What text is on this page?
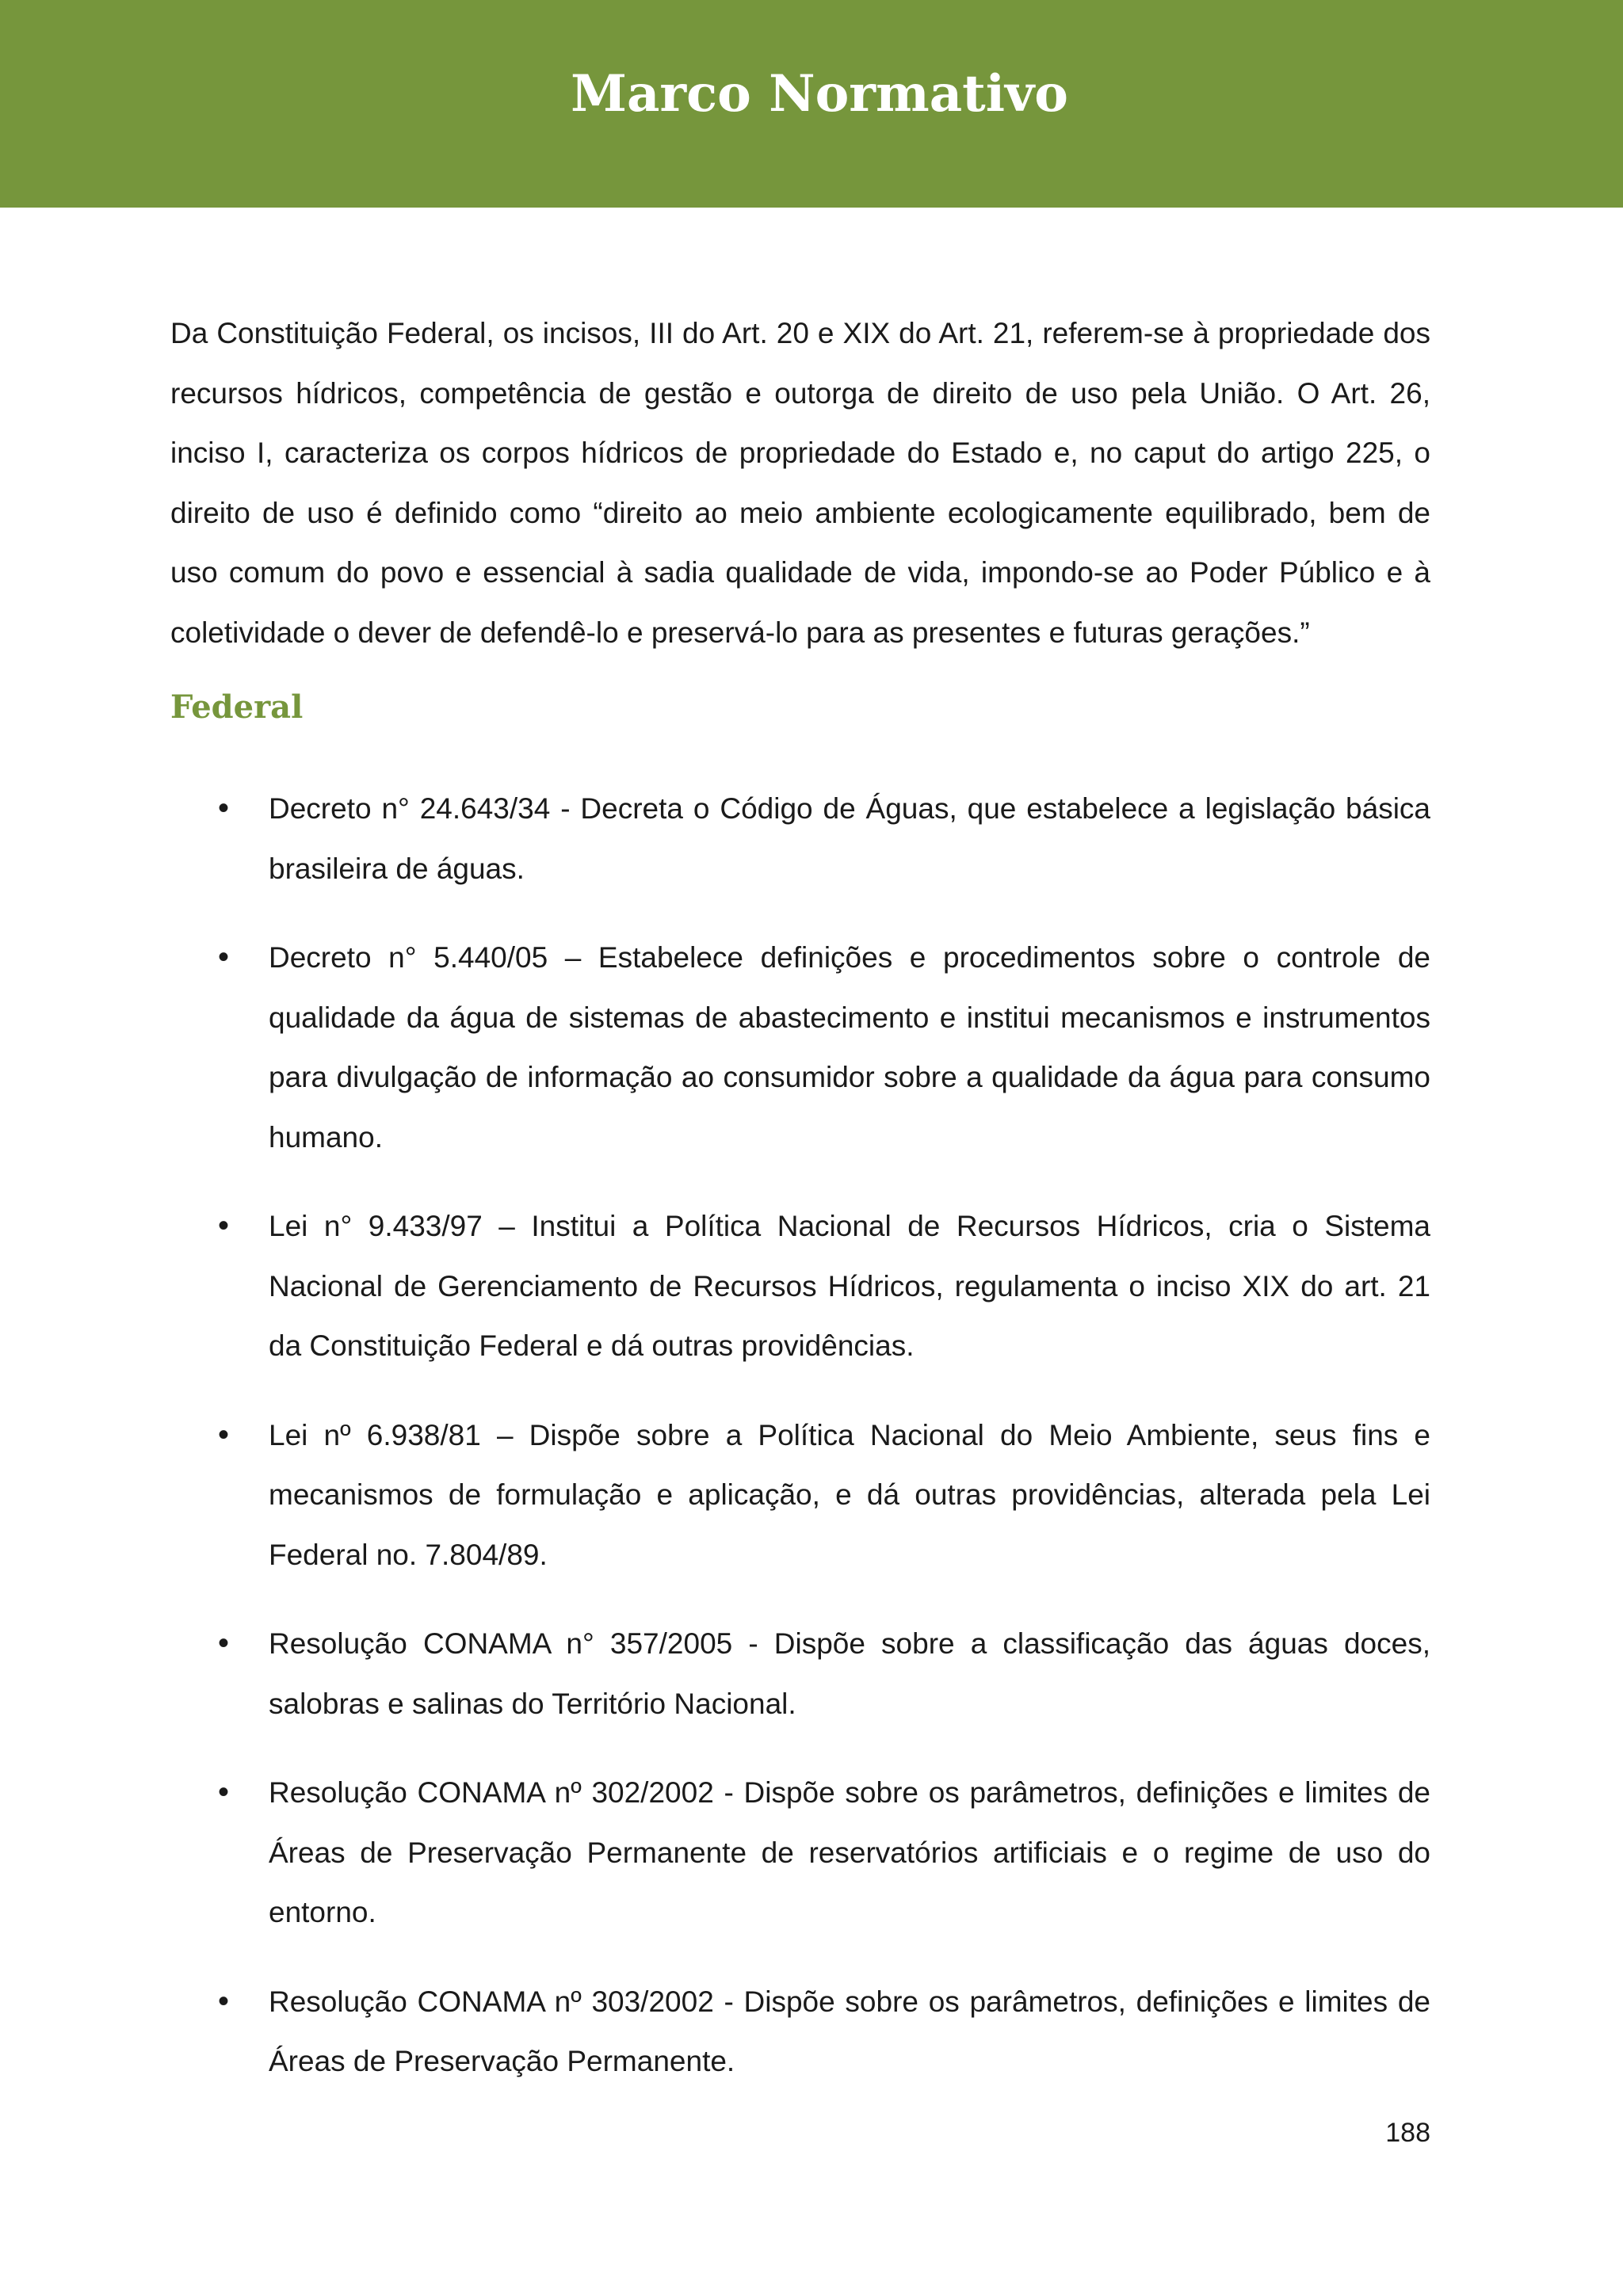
Marco Normativo

Da Constituição Federal, os incisos, III do Art. 20 e XIX do Art. 21, referem-se à propriedade dos recursos hídricos, competência de gestão e outorga de direito de uso pela União. O Art. 26, inciso I, caracteriza os corpos hídricos de propriedade do Estado e, no caput do artigo 225, o direito de uso é definido como “direito ao meio ambiente ecologicamente equilibrado, bem de uso comum do povo e essencial à sadia qualidade de vida, impondo-se ao Poder Público e à coletividade o dever de defendê-lo e preservá-lo para as presentes e futuras gerações.”

Federal
• Decreto n° 24.643/34 - Decreta o Código de Águas, que estabelece a legislação básica brasileira de águas.
• Decreto n° 5.440/05 – Estabelece definições e procedimentos sobre o controle de qualidade da água de sistemas de abastecimento e institui mecanismos e instrumentos para divulgação de informação ao consumidor sobre a qualidade da água para consumo humano.
• Lei n° 9.433/97 – Institui a Política Nacional de Recursos Hídricos, cria o Sistema Nacional de Gerenciamento de Recursos Hídricos, regulamenta o inciso XIX do art. 21 da Constituição Federal e dá outras providências.
• Lei nº 6.938/81 – Dispõe sobre a Política Nacional do Meio Ambiente, seus fins e mecanismos de formulação e aplicação, e dá outras providências, alterada pela Lei Federal no. 7.804/89.
• Resolução CONAMA n° 357/2005 - Dispõe sobre a classificação das águas doces, salobras e salinas do Território Nacional.
• Resolução CONAMA nº 302/2002 - Dispõe sobre os parâmetros, definições e limites de Áreas de Preservação Permanente de reservatórios artificiais e o regime de uso do entorno.
• Resolução CONAMA nº 303/2002 - Dispõe sobre os parâmetros, definições e limites de Áreas de Preservação Permanente.
188
